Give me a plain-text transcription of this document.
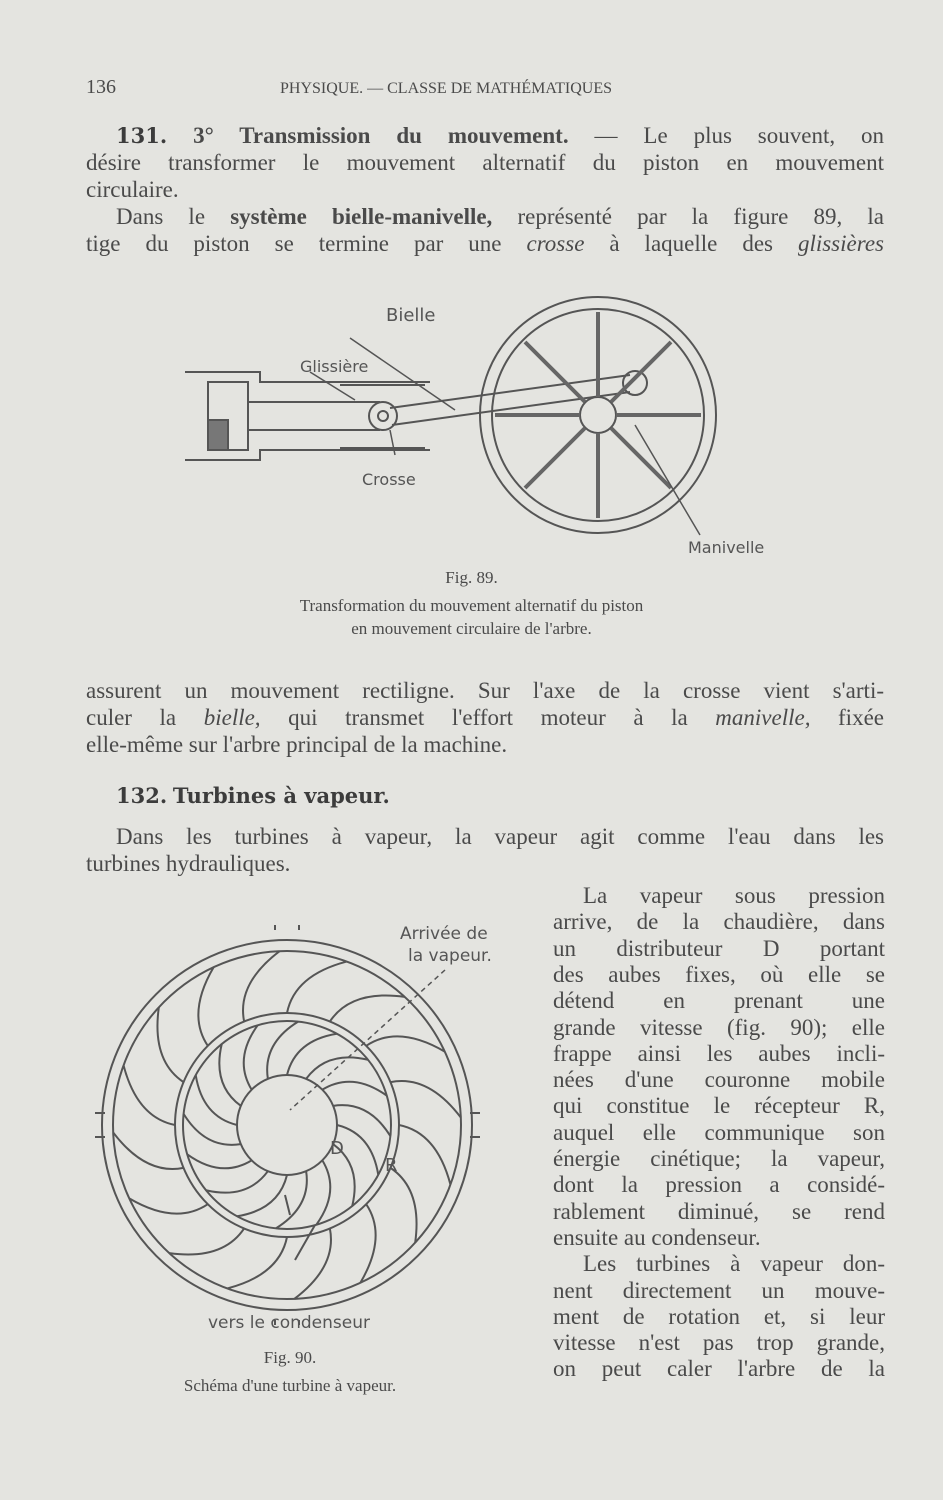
136	PHYSIQUE. — CLASSE DE MATHÉMATIQUES
131. 3° Transmission du mouvement. — Le plus souvent, on
désire transformer le mouvement alternatif du piston en mouvement
circulaire.
Dans le système bielle-manivelle, représenté par la figure 89, la
tige du piston se termine par une crosse à laquelle des glissières
Bielle
Glissière
Crosse
Manivelle
Fig. 89.
Transformation du mouvement alternatif du piston
en mouvement circulaire de l'arbre.
assurent un mouvement rectiligne. Sur l'axe de la crosse vient s'arti-
culer la bielle, qui transmet l'effort moteur à la manivelle, fixée
elle-même sur l'arbre principal de la machine.
132. Turbines à vapeur.
Dans les turbines à vapeur, la vapeur agit comme l'eau dans les
turbines hydrauliques.
La vapeur sous pression
arrive, de la chaudière, dans
un distributeur D portant
des aubes fixes, où elle se
détend en prenant une
grande vitesse (fig. 90); elle
frappe ainsi les aubes incli-
nées d'une couronne mobile
qui constitue le récepteur R,
auquel elle communique son
énergie cinétique; la vapeur,
dont la pression a considé-
rablement diminué, se rend
ensuite au condenseur.
Les turbines à vapeur don-
nent directement un mouve-
ment de rotation et, si leur
vitesse n'est pas trop grande,
on peut caler l'arbre de la
Arrivée de
la vapeur.
D
R
vers le condenseur
Fig. 90.
Schéma d'une turbine à vapeur.
